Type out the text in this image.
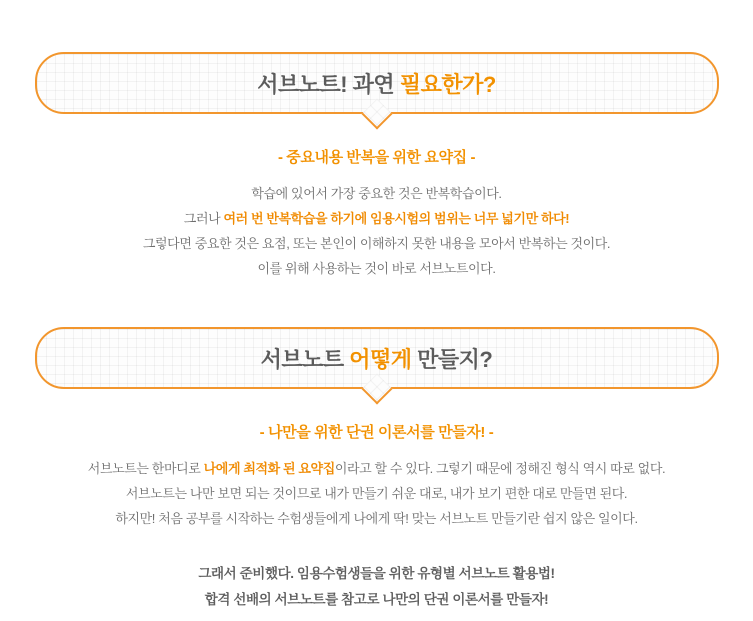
서브노트! 과연 필요한가?
- 중요내용 반복을 위한 요약집 -
학습에 있어서 가장 중요한 것은 반복학습이다.
그러나 여러 번 반복학습을 하기에 임용시험의 범위는 너무 넓기만 하다!
그렇다면 중요한 것은 요점, 또는 본인이 이해하지 못한 내용을 모아서 반복하는 것이다.
이를 위해 사용하는 것이 바로 서브노트이다.
서브노트 어떻게 만들지?
- 나만을 위한 단권 이론서를 만들자! -
서브노트는 한마디로 나에게 최적화 된 요약집이라고 할 수 있다. 그렇기 때문에 정해진 형식 역시 따로 없다.
서브노트는 나만 보면 되는 것이므로 내가 만들기 쉬운 대로, 내가 보기 편한 대로 만들면 된다.
하지만! 처음 공부를 시작하는 수험생들에게 나에게 딱! 맞는 서브노트 만들기란 쉽지 않은 일이다.
그래서 준비했다. 임용수험생들을 위한 유형별 서브노트 활용법!
합격 선배의 서브노트를 참고로 나만의 단권 이론서를 만들자!
